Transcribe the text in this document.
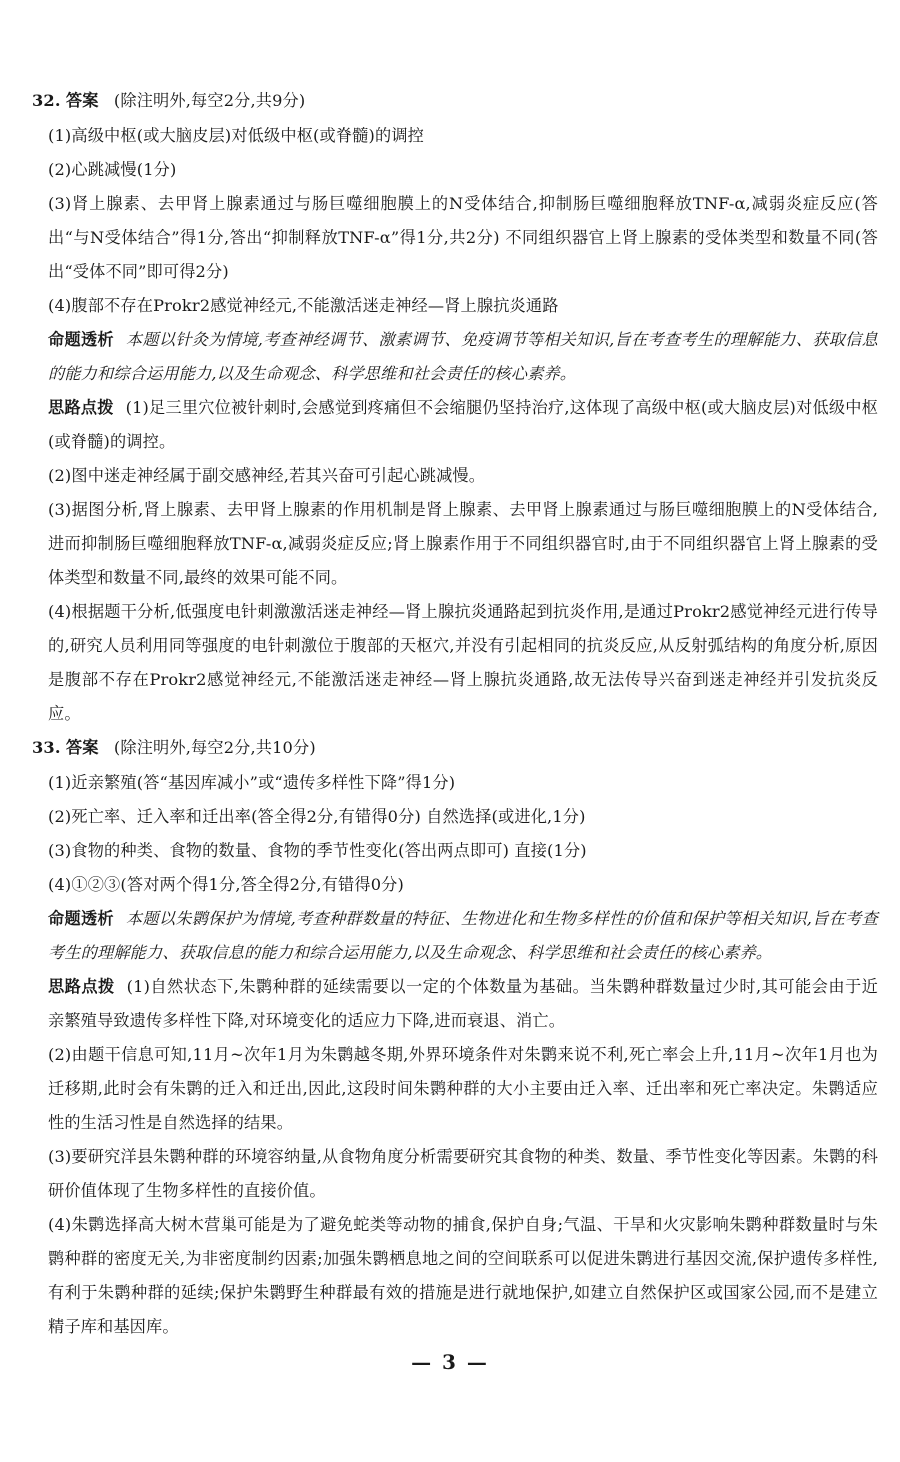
32. 答案 (除注明外,每空2分,共9分)

(1)高级中枢(或大脑皮层)对低级中枢(或脊髓)的调控

(2)心跳减慢(1分)

(3)肾上腺素、去甲肾上腺素通过与肠巨噬细胞膜上的N受体结合,抑制肠巨噬细胞释放TNF-α,减弱炎症反应(答出“与N受体结合”得1分,答出“抑制释放TNF-α”得1分,共2分) 不同组织器官上肾上腺素的受体类型和数量不同(答出“受体不同”即可得2分)

(4)腹部不存在Prokr2感觉神经元,不能激活迷走神经—肾上腺抗炎通路

命题透析 本题以针灸为情境,考查神经调节、激素调节、免疫调节等相关知识,旨在考查考生的理解能力、获取信息的能力和综合运用能力,以及生命观念、科学思维和社会责任的核心素养。

思路点拨 (1)足三里穴位被针刺时,会感觉到疼痛但不会缩腿仍坚持治疗,这体现了高级中枢(或大脑皮层)对低级中枢(或脊髓)的调控。

(2)图中迷走神经属于副交感神经,若其兴奋可引起心跳减慢。

(3)据图分析,肾上腺素、去甲肾上腺素的作用机制是肾上腺素、去甲肾上腺素通过与肠巨噬细胞膜上的N受体结合,进而抑制肠巨噬细胞释放TNF-α,减弱炎症反应;肾上腺素作用于不同组织器官时,由于不同组织器官上肾上腺素的受体类型和数量不同,最终的效果可能不同。

(4)根据题干分析,低强度电针刺激激活迷走神经—肾上腺抗炎通路起到抗炎作用,是通过Prokr2感觉神经元进行传导的,研究人员利用同等强度的电针刺激位于腹部的天枢穴,并没有引起相同的抗炎反应,从反射弧结构的角度分析,原因是腹部不存在Prokr2感觉神经元,不能激活迷走神经—肾上腺抗炎通路,故无法传导兴奋到迷走神经并引发抗炎反应。

33. 答案 (除注明外,每空2分,共10分)

(1)近亲繁殖(答“基因库减小”或“遗传多样性下降”得1分)

(2)死亡率、迁入率和迁出率(答全得2分,有错得0分) 自然选择(或进化,1分)

(3)食物的种类、食物的数量、食物的季节性变化(答出两点即可) 直接(1分)

(4)①②③(答对两个得1分,答全得2分,有错得0分)

命题透析 本题以朱鹮保护为情境,考查种群数量的特征、生物进化和生物多样性的价值和保护等相关知识,旨在考查考生的理解能力、获取信息的能力和综合运用能力,以及生命观念、科学思维和社会责任的核心素养。

思路点拨 (1)自然状态下,朱鹮种群的延续需要以一定的个体数量为基础。当朱鹮种群数量过少时,其可能会由于近亲繁殖导致遗传多样性下降,对环境变化的适应力下降,进而衰退、消亡。

(2)由题干信息可知,11月~次年1月为朱鹮越冬期,外界环境条件对朱鹮来说不利,死亡率会上升,11月~次年1月也为迁移期,此时会有朱鹮的迁入和迁出,因此,这段时间朱鹮种群的大小主要由迁入率、迁出率和死亡率决定。朱鹮适应性的生活习性是自然选择的结果。

(3)要研究洋县朱鹮种群的环境容纳量,从食物角度分析需要研究其食物的种类、数量、季节性变化等因素。朱鹮的科研价值体现了生物多样性的直接价值。

(4)朱鹮选择高大树木营巢可能是为了避免蛇类等动物的捕食,保护自身;气温、干旱和火灾影响朱鹮种群数量时与朱鹮种群的密度无关,为非密度制约因素;加强朱鹮栖息地之间的空间联系可以促进朱鹮进行基因交流,保护遗传多样性,有利于朱鹮种群的延续;保护朱鹮野生种群最有效的措施是进行就地保护,如建立自然保护区或国家公园,而不是建立精子库和基因库。

— 3 —
